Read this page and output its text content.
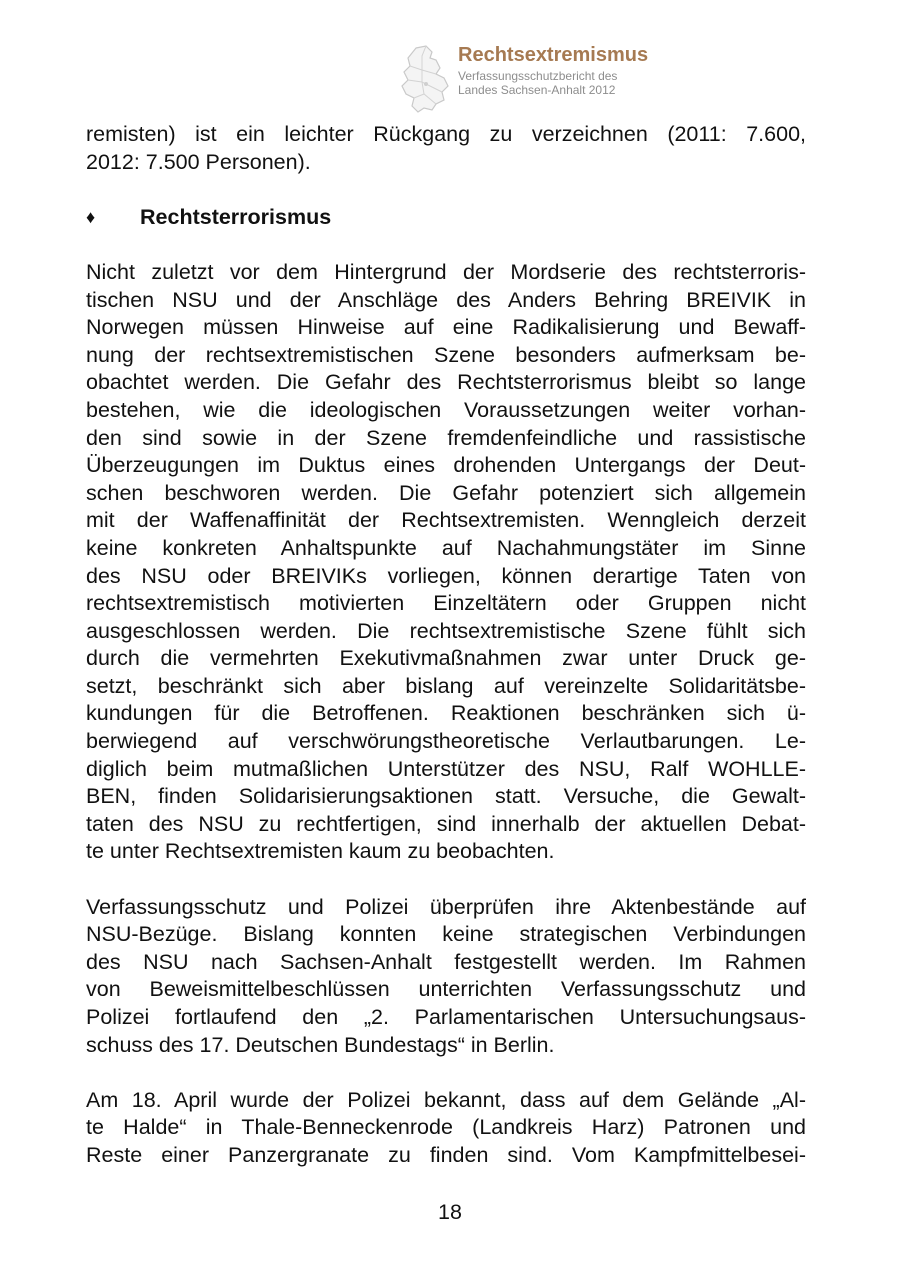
Rechtsextremismus
Verfassungsschutzbericht des
Landes Sachsen-Anhalt 2012
remisten) ist ein leichter Rückgang zu verzeichnen (2011: 7.600,
2012: 7.500 Personen).
♦	Rechtsterrorismus
Nicht zuletzt vor dem Hintergrund der Mordserie des rechtsterroris-
tischen NSU und der Anschläge des Anders Behring BREIVIK in
Norwegen müssen Hinweise auf eine Radikalisierung und Bewaff-
nung der rechtsextremistischen Szene besonders aufmerksam be-
obachtet werden. Die Gefahr des Rechtsterrorismus bleibt so lange
bestehen, wie die ideologischen Voraussetzungen weiter vorhan-
den sind sowie in der Szene fremdenfeindliche und rassistische
Überzeugungen im Duktus eines drohenden Untergangs der Deut-
schen beschworen werden. Die Gefahr potenziert sich allgemein
mit der Waffenaffinität der Rechtsextremisten. Wenngleich derzeit
keine konkreten Anhaltspunkte auf Nachahmungstäter im Sinne
des NSU oder BREIVIKs vorliegen, können derartige Taten von
rechtsextremistisch motivierten Einzeltätern oder Gruppen nicht
ausgeschlossen werden. Die rechtsextremistische Szene fühlt sich
durch die vermehrten Exekutivmaßnahmen zwar unter Druck ge-
setzt, beschränkt sich aber bislang auf vereinzelte Solidaritätsbe-
kundungen für die Betroffenen. Reaktionen beschränken sich ü-
berwiegend auf verschwörungstheoretische Verlautbarungen. Le-
diglich beim mutmaßlichen Unterstützer des NSU, Ralf WOHLLE-
BEN, finden Solidarisierungsaktionen statt. Versuche, die Gewalt-
taten des NSU zu rechtfertigen, sind innerhalb der aktuellen Debat-
te unter Rechtsextremisten kaum zu beobachten.
Verfassungsschutz und Polizei überprüfen ihre Aktenbestände auf
NSU-Bezüge. Bislang konnten keine strategischen Verbindungen
des NSU nach Sachsen-Anhalt festgestellt werden. Im Rahmen
von Beweismittelbeschlüssen unterrichten Verfassungsschutz und
Polizei fortlaufend den „2. Parlamentarischen Untersuchungsaus-
schuss des 17. Deutschen Bundestags“ in Berlin.
Am 18. April wurde der Polizei bekannt, dass auf dem Gelände „Al-
te Halde“ in Thale-Benneckenrode (Landkreis Harz) Patronen und
Reste einer Panzergranate zu finden sind. Vom Kampfmittelbesei-
18
